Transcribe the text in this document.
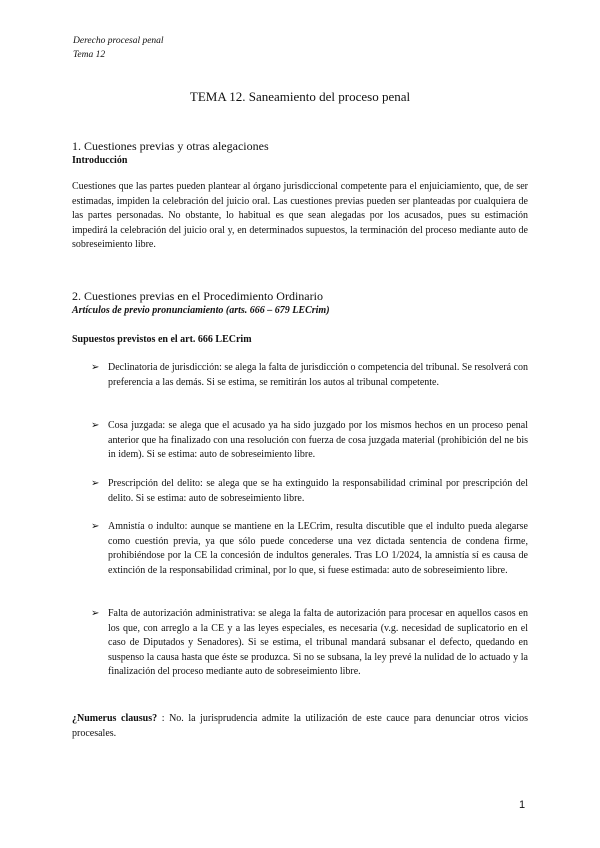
Derecho procesal penal
Tema 12
TEMA 12. Saneamiento del proceso penal
1. Cuestiones previas y otras alegaciones
Introducción
Cuestiones que las partes pueden plantear al órgano jurisdiccional competente para el enjuiciamiento, que, de ser estimadas, impiden la celebración del juicio oral. Las cuestiones previas pueden ser planteadas por cualquiera de las partes personadas. No obstante, lo habitual es que sean alegadas por los acusados, pues su estimación impedirá la celebración del juicio oral y, en determinados supuestos, la terminación del proceso mediante auto de sobreseimiento libre.
2. Cuestiones previas en el Procedimiento Ordinario
Artículos de previo pronunciamiento (arts. 666 – 679 LECrim)
Supuestos previstos en el art. 666 LECrim
➢ Declinatoria de jurisdicción: se alega la falta de jurisdicción o competencia del tribunal. Se resolverá con preferencia a las demás. Si se estima, se remitirán los autos al tribunal competente.
➢ Cosa juzgada: se alega que el acusado ya ha sido juzgado por los mismos hechos en un proceso penal anterior que ha finalizado con una resolución con fuerza de cosa juzgada material (prohibición del ne bis in idem). Si se estima: auto de sobreseimiento libre.
➢ Prescripción del delito: se alega que se ha extinguido la responsabilidad criminal por prescripción del delito. Si se estima: auto de sobreseimiento libre.
➢ Amnistía o indulto: aunque se mantiene en la LECrim, resulta discutible que el indulto pueda alegarse como cuestión previa, ya que sólo puede concederse una vez dictada sentencia de condena firme, prohibiéndose por la CE la concesión de indultos generales. Tras LO 1/2024, la amnistía sí es causa de extinción de la responsabilidad criminal, por lo que, si fuese estimada: auto de sobreseimiento libre.
➢ Falta de autorización administrativa: se alega la falta de autorización para procesar en aquellos casos en los que, con arreglo a la CE y a las leyes especiales, es necesaria (v.g. necesidad de suplicatorio en el caso de Diputados y Senadores). Si se estima, el tribunal mandará subsanar el defecto, quedando en suspenso la causa hasta que éste se produzca. Si no se subsana, la ley prevé la nulidad de lo actuado y la finalización del proceso mediante auto de sobreseimiento libre.
¿Numerus clausus? : No. la jurisprudencia admite la utilización de este cauce para denunciar otros vicios procesales.
1
